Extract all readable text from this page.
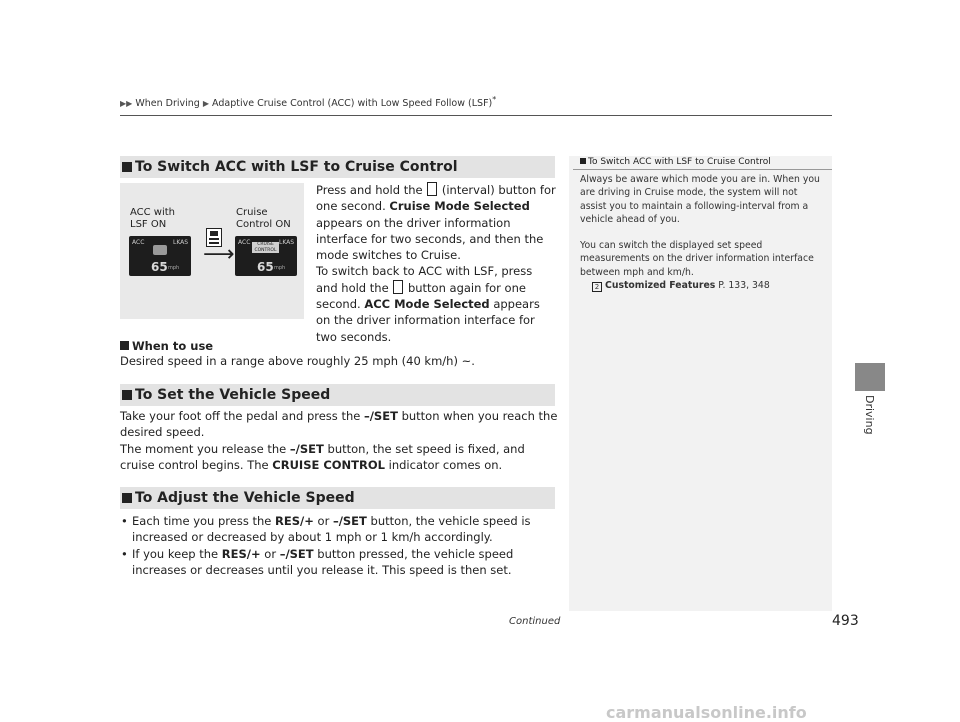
▶▶ When Driving ▶ Adaptive Cruise Control (ACC) with Low Speed Follow (LSF)*
Driving
To Switch ACC with LSF to Cruise Control
ACC with
LSF ON
Cruise
Control ON
⟶
ACC	LKAS
65 mph
ACC	LKAS
CRUISE CONTROL
65 mph
Press and hold the (interval) button for one second. Cruise Mode Selected appears on the driver information interface for two seconds, and then the mode switches to Cruise.
To switch back to ACC with LSF, press and hold the button again for one second. ACC Mode Selected appears on the driver information interface for two seconds.
When to use
Desired speed in a range above roughly 25 mph (40 km/h) ~.
To Set the Vehicle Speed
Take your foot off the pedal and press the –/SET button when you reach the desired speed.
The moment you release the –/SET button, the set speed is fixed, and cruise control begins. The CRUISE CONTROL indicator comes on.
To Adjust the Vehicle Speed
• Each time you press the RES/+ or –/SET button, the vehicle speed is increased or decreased by about 1 mph or 1 km/h accordingly.
• If you keep the RES/+ or –/SET button pressed, the vehicle speed increases or decreases until you release it. This speed is then set.
To Switch ACC with LSF to Cruise Control

Always be aware which mode you are in. When you are driving in Cruise mode, the system will not assist you to maintain a following-interval from a vehicle ahead of you.

You can switch the displayed set speed measurements on the driver information interface between mph and km/h.

2 Customized Features P. 133, 348
Continued	493
carmanualsonline.info
